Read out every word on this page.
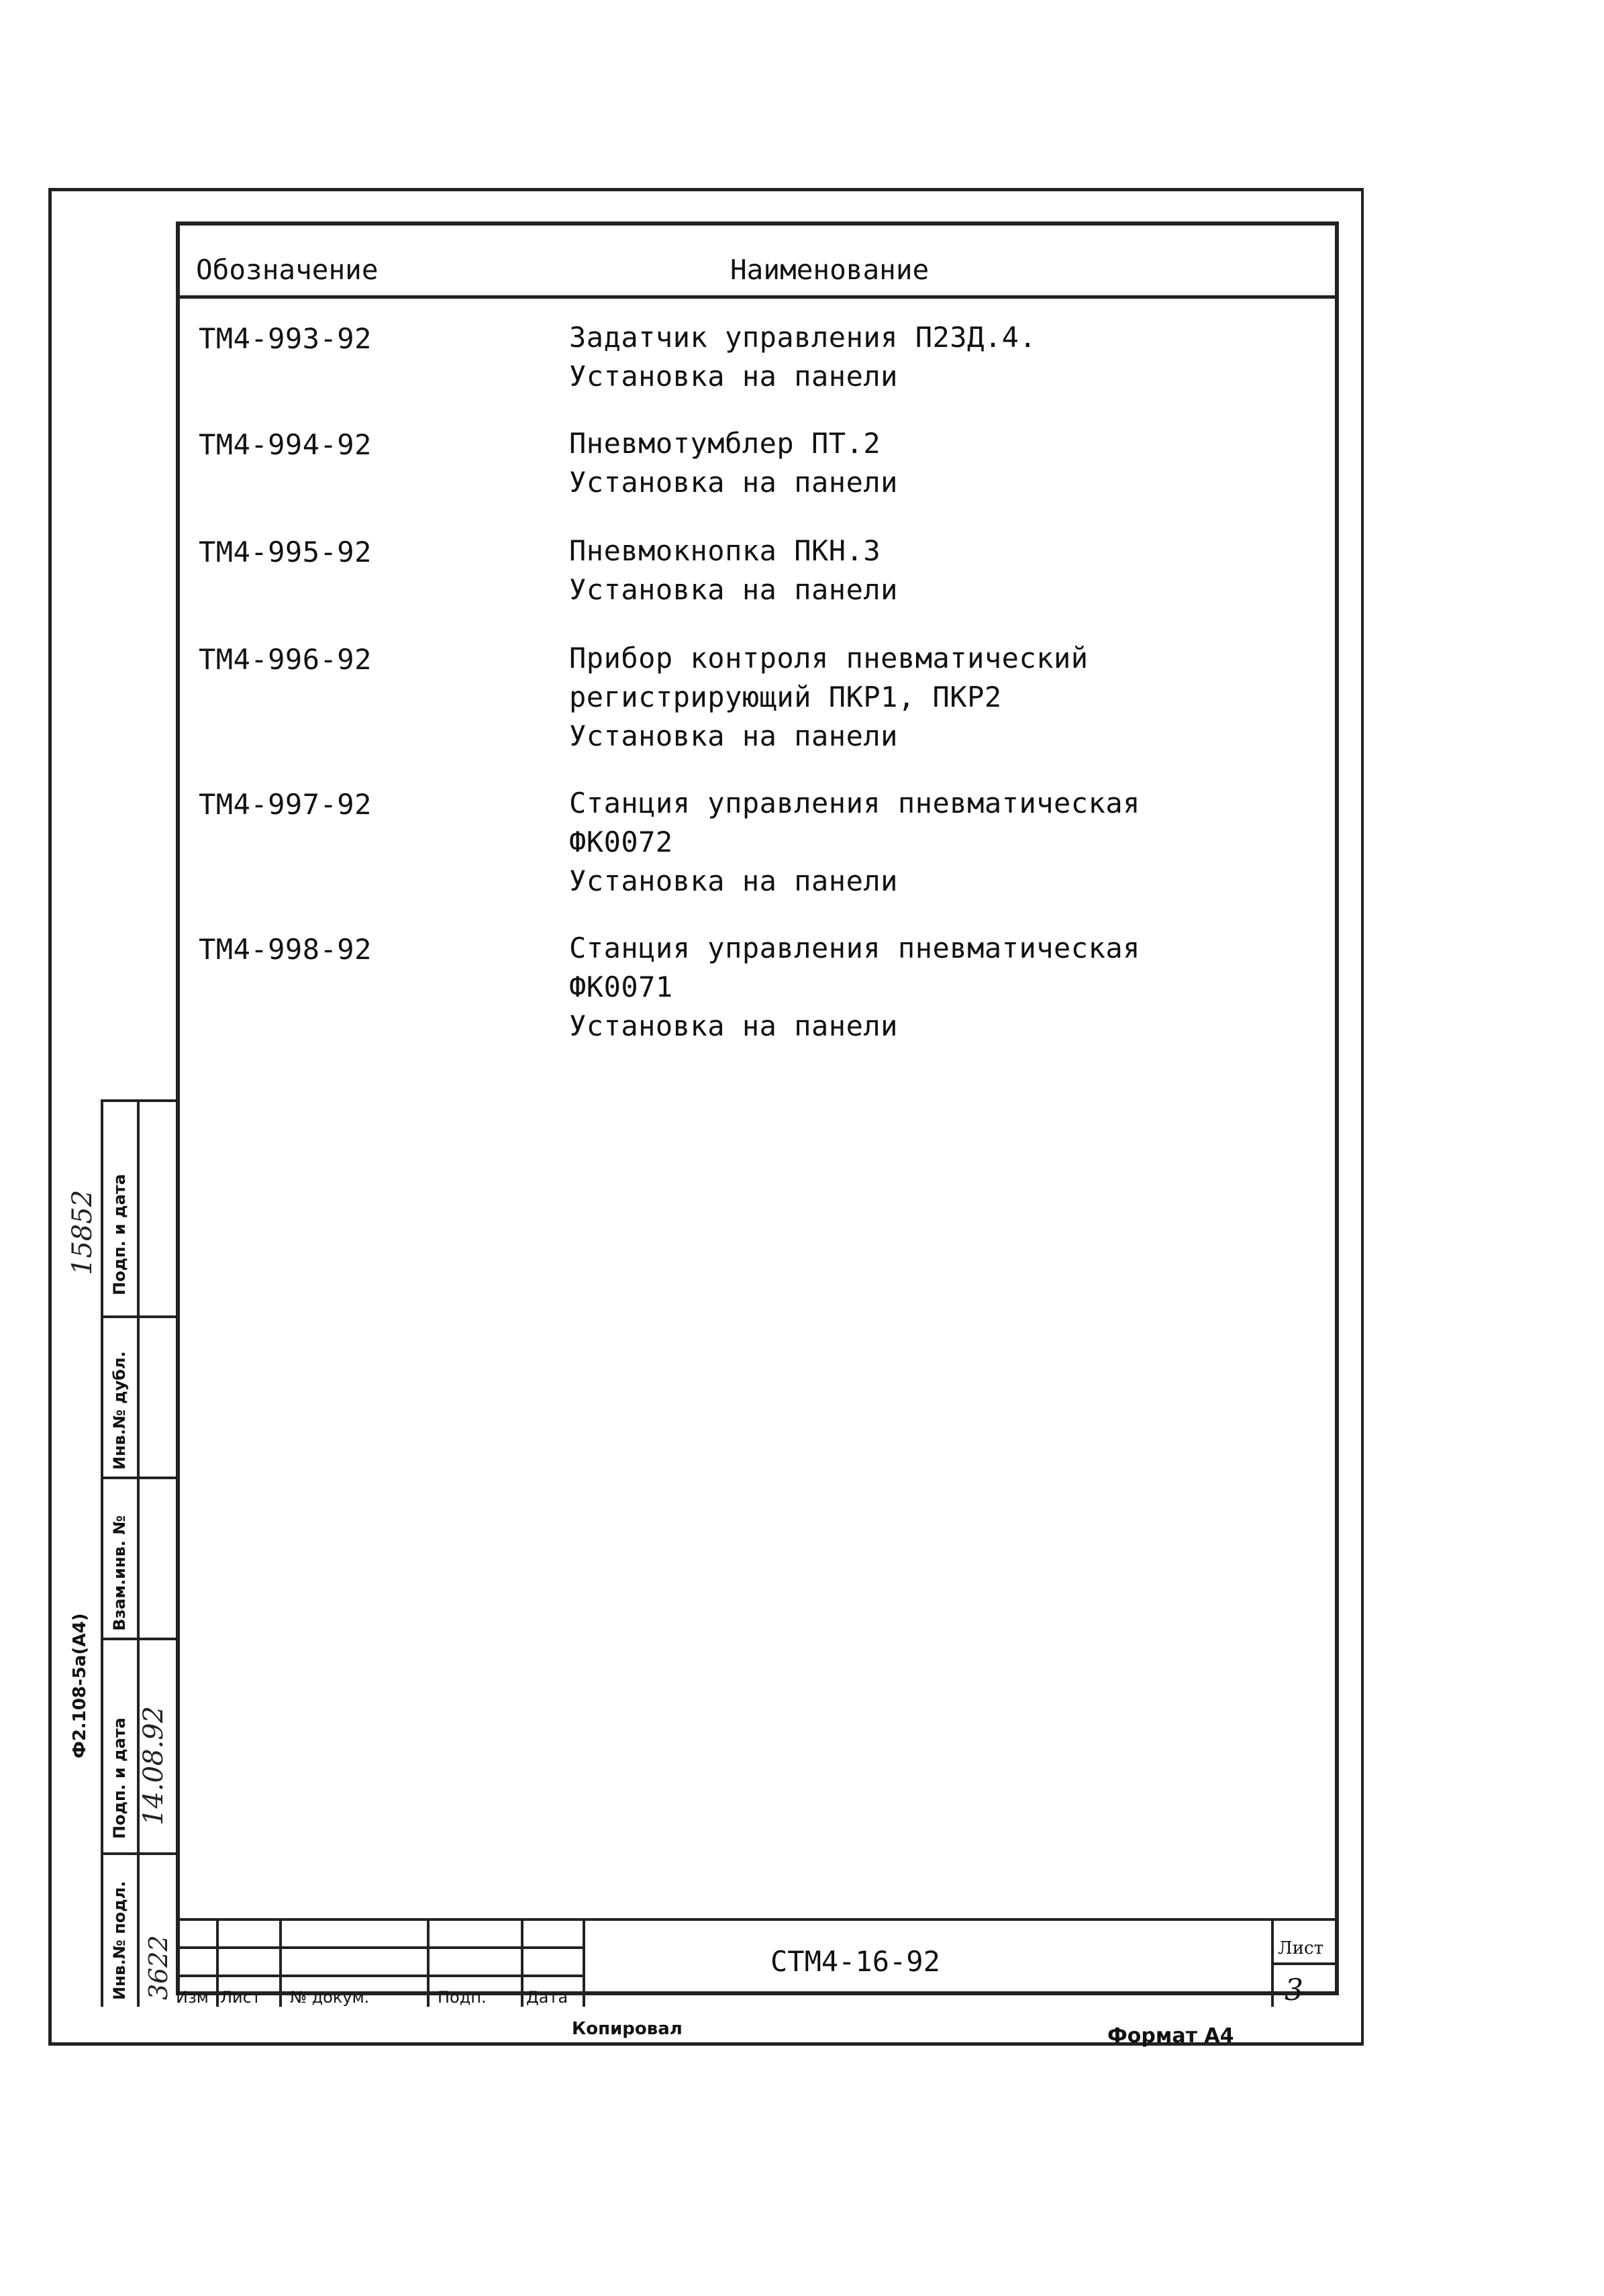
Обозначение	Наименование
ТМ4-993-92	Задатчик управления П23Д.4.
Установка на панели
ТМ4-994-92	Пневмотумблер ПТ.2
Установка на панели
ТМ4-995-92	Пневмокнопка ПКН.3
Установка на панели
ТМ4-996-92	Прибор контроля пневматический
регистрирующий ПКР1, ПКР2
Установка на панели
ТМ4-997-92	Станция управления пневматическая
ФК0072
Установка на панели
ТМ4-998-92	Станция управления пневматическая
ФК0071
Установка на панели
Изм Лист № докум.	Подп. Дата
СТМ4-16-92	Лист
3
Копировал	Формат А4
Подп. и дата
Инв.№ дубл.
Взам.инв. №
Подп. и дата
Инв.№ подл.
Ф2.108-5а(А4)
14.08.92
3622
15852
